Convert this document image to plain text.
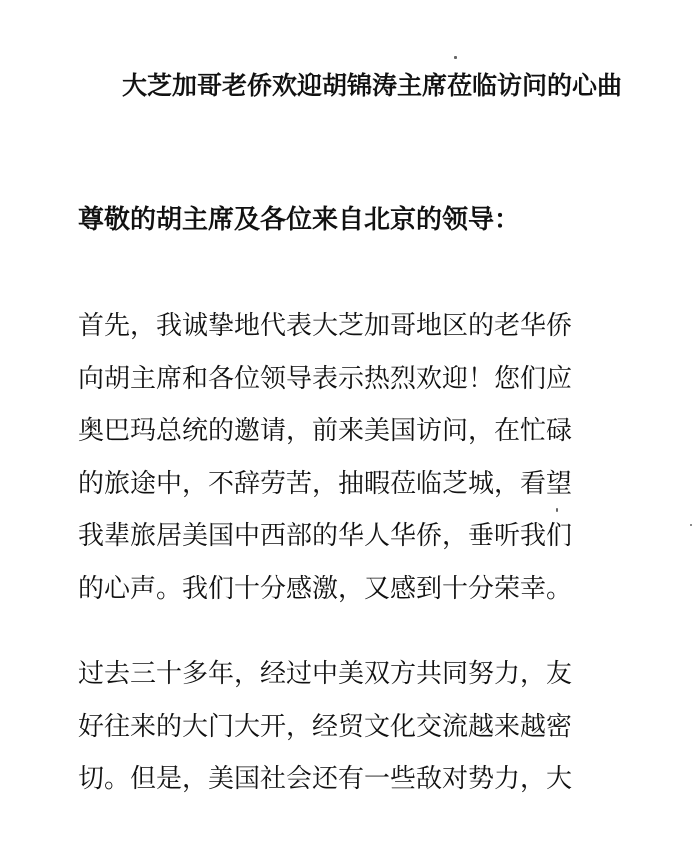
大芝加哥老侨欢迎胡锦涛主席莅临访问的心曲

尊敬的胡主席及各位来自北京的领导：

首先，我诚挚地代表大芝加哥地区的老华侨
向胡主席和各位领导表示热烈欢迎！您们应
奥巴玛总统的邀请，前来美国访问，在忙碌
的旅途中，不辞劳苦，抽暇莅临芝城，看望
我辈旅居美国中西部的华人华侨，垂听我们
的心声。我们十分感激，又感到十分荣幸。
过去三十多年，经过中美双方共同努力，友
好往来的大门大开，经贸文化交流越来越密
切。但是，美国社会还有一些敌对势力，大
